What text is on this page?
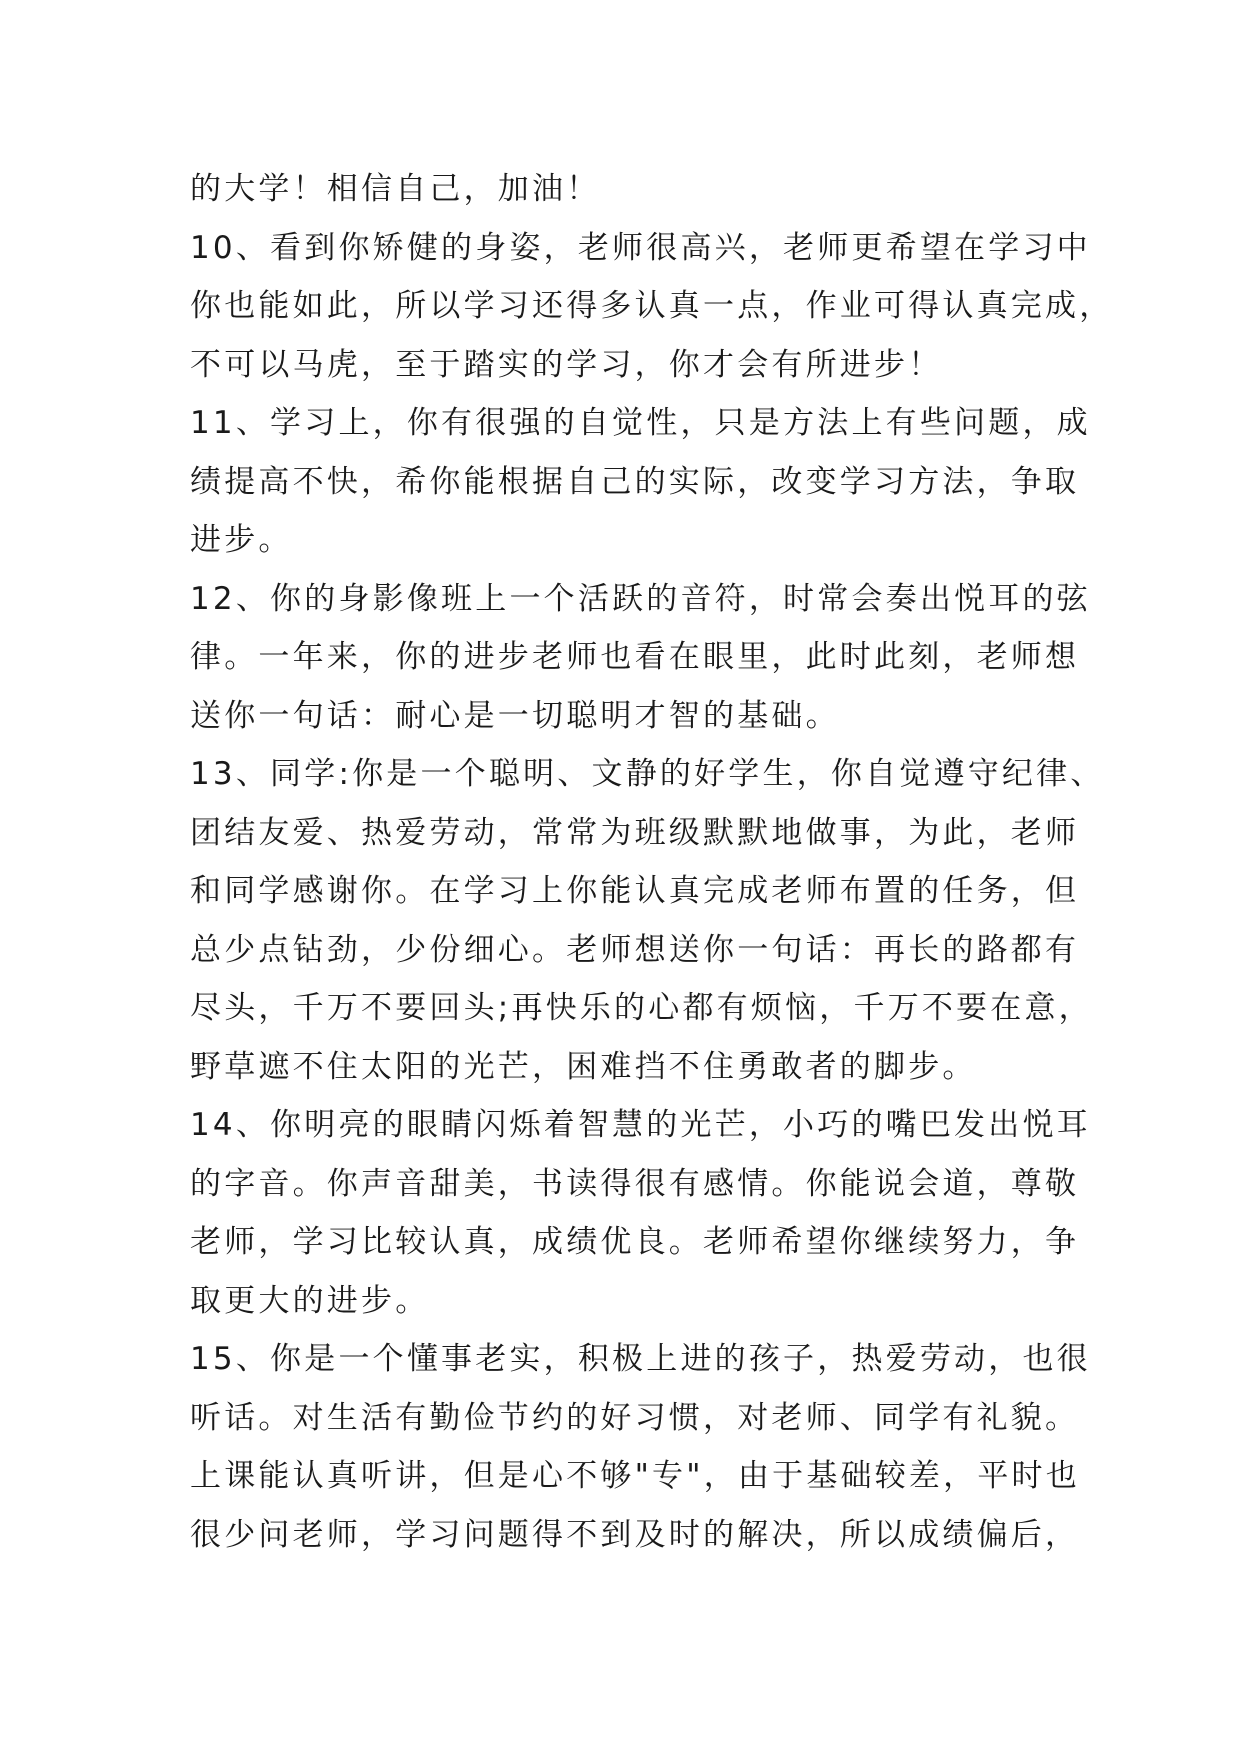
的大学！相信自己，加油！
10、看到你矫健的身姿，老师很高兴，老师更希望在学习中
你也能如此，所以学习还得多认真一点，作业可得认真完成，
不可以马虎，至于踏实的学习，你才会有所进步！
11、学习上，你有很强的自觉性，只是方法上有些问题，成
绩提高不快，希你能根据自己的实际，改变学习方法，争取
进步。
12、你的身影像班上一个活跃的音符，时常会奏出悦耳的弦
律。一年来，你的进步老师也看在眼里，此时此刻，老师想
送你一句话：耐心是一切聪明才智的基础。
13、同学:你是一个聪明、文静的好学生，你自觉遵守纪律、
团结友爱、热爱劳动，常常为班级默默地做事，为此，老师
和同学感谢你。在学习上你能认真完成老师布置的任务，但
总少点钻劲，少份细心。老师想送你一句话：再长的路都有
尽头，千万不要回头;再快乐的心都有烦恼，千万不要在意，
野草遮不住太阳的光芒，困难挡不住勇敢者的脚步。
14、你明亮的眼睛闪烁着智慧的光芒，小巧的嘴巴发出悦耳
的字音。你声音甜美，书读得很有感情。你能说会道，尊敬
老师，学习比较认真，成绩优良。老师希望你继续努力，争
取更大的进步。
15、你是一个懂事老实，积极上进的孩子，热爱劳动，也很
听话。对生活有勤俭节约的好习惯，对老师、同学有礼貌。
上课能认真听讲，但是心不够"专"，由于基础较差，平时也
很少问老师，学习问题得不到及时的解决，所以成绩偏后，
